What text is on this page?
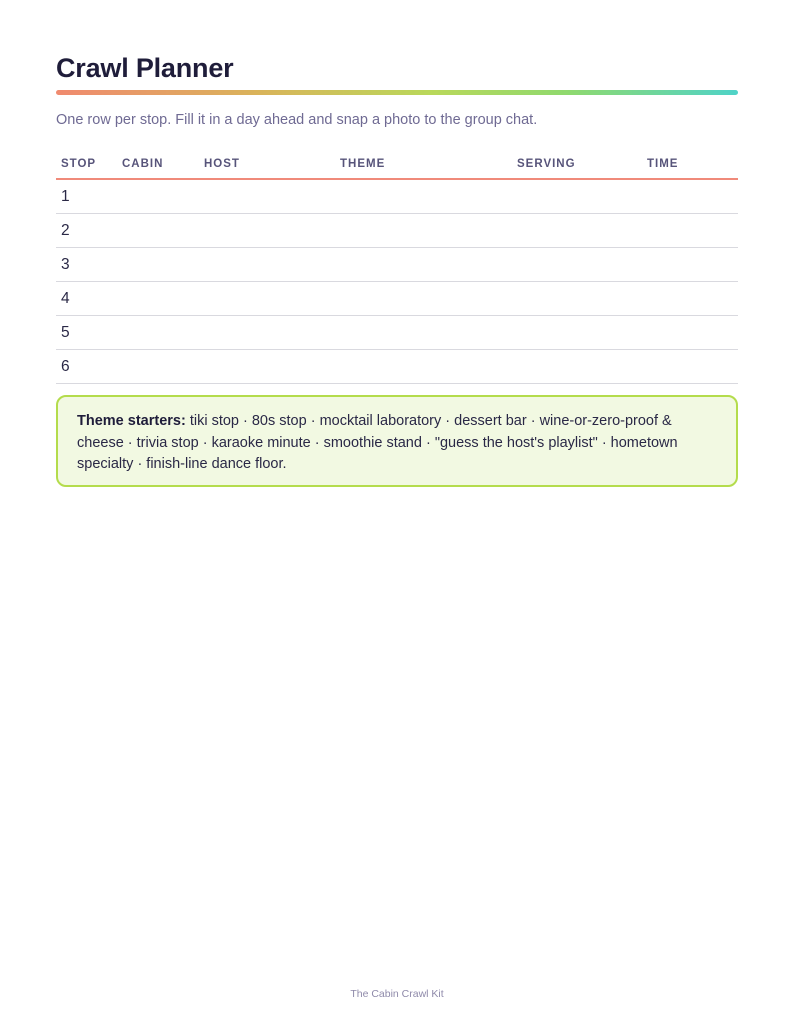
Crawl Planner
One row per stop. Fill it in a day ahead and snap a photo to the group chat.
STOP	CABIN	HOST	THEME	SERVING	TIME
1					
2					
3					
4					
5					
6					
Theme starters: tiki stop · 80s stop · mocktail laboratory · dessert bar · wine-or-zero-proof & cheese · trivia stop · karaoke minute · smoothie stand · "guess the host's playlist" · hometown specialty · finish-line dance floor.
The Cabin Crawl Kit
